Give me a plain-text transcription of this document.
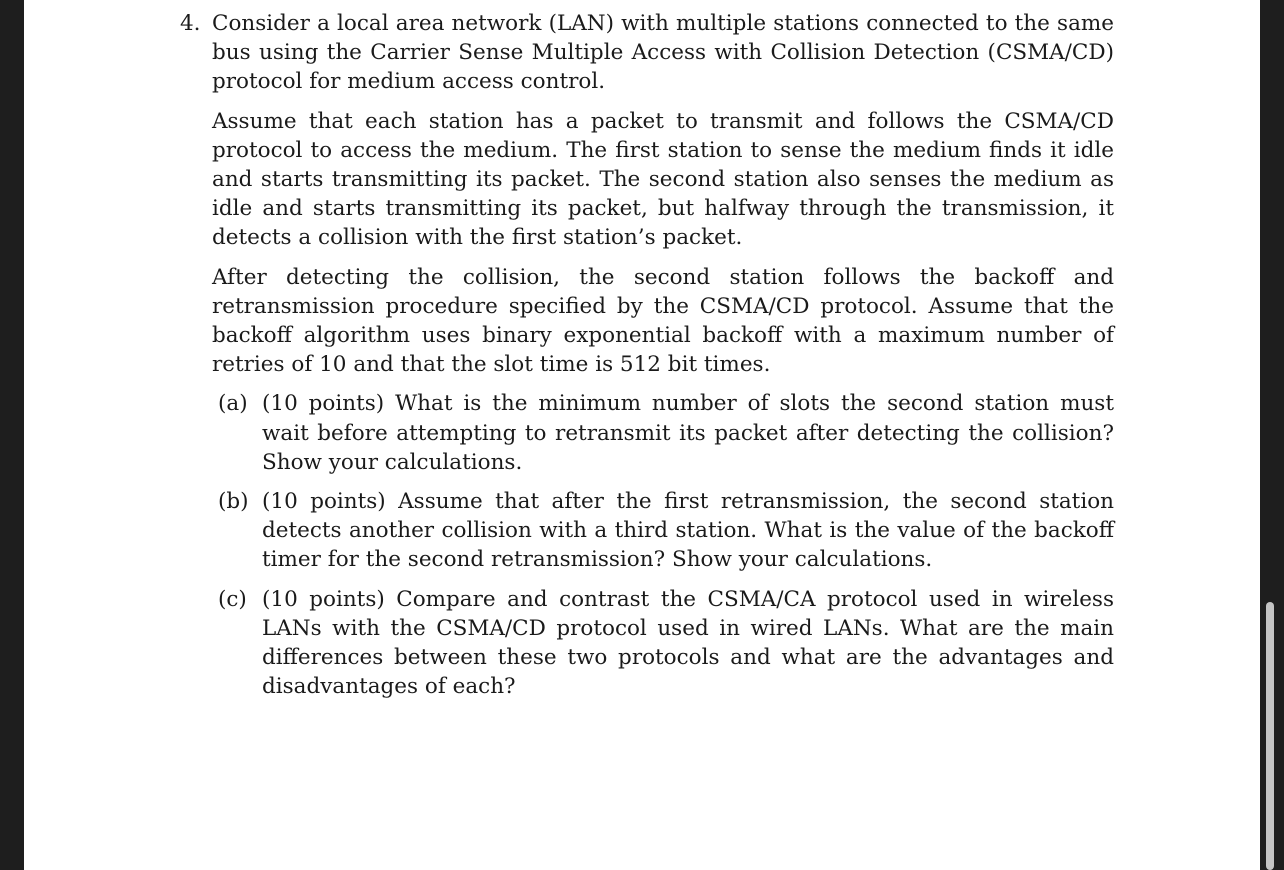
4. Consider a local area network (LAN) with multiple stations connected to the same bus using the Carrier Sense Multiple Access with Collision Detection (CSMA/CD) protocol for medium access control.

Assume that each station has a packet to transmit and follows the CSMA/CD protocol to access the medium. The first station to sense the medium finds it idle and starts transmitting its packet. The second station also senses the medium as idle and starts transmitting its packet, but halfway through the transmission, it detects a collision with the first station’s packet.

After detecting the collision, the second station follows the backoff and retransmission procedure specified by the CSMA/CD protocol. Assume that the backoff algorithm uses binary exponential backoff with a maximum number of retries of 10 and that the slot time is 512 bit times.

(a) (10 points) What is the minimum number of slots the second station must wait before attempting to retransmit its packet after detecting the collision? Show your calculations.

(b) (10 points) Assume that after the first retransmission, the second station detects another collision with a third station. What is the value of the backoff timer for the second retransmission? Show your calculations.

(c) (10 points) Compare and contrast the CSMA/CA protocol used in wireless LANs with the CSMA/CD protocol used in wired LANs. What are the main differences between these two protocols and what are the advantages and disadvantages of each?
